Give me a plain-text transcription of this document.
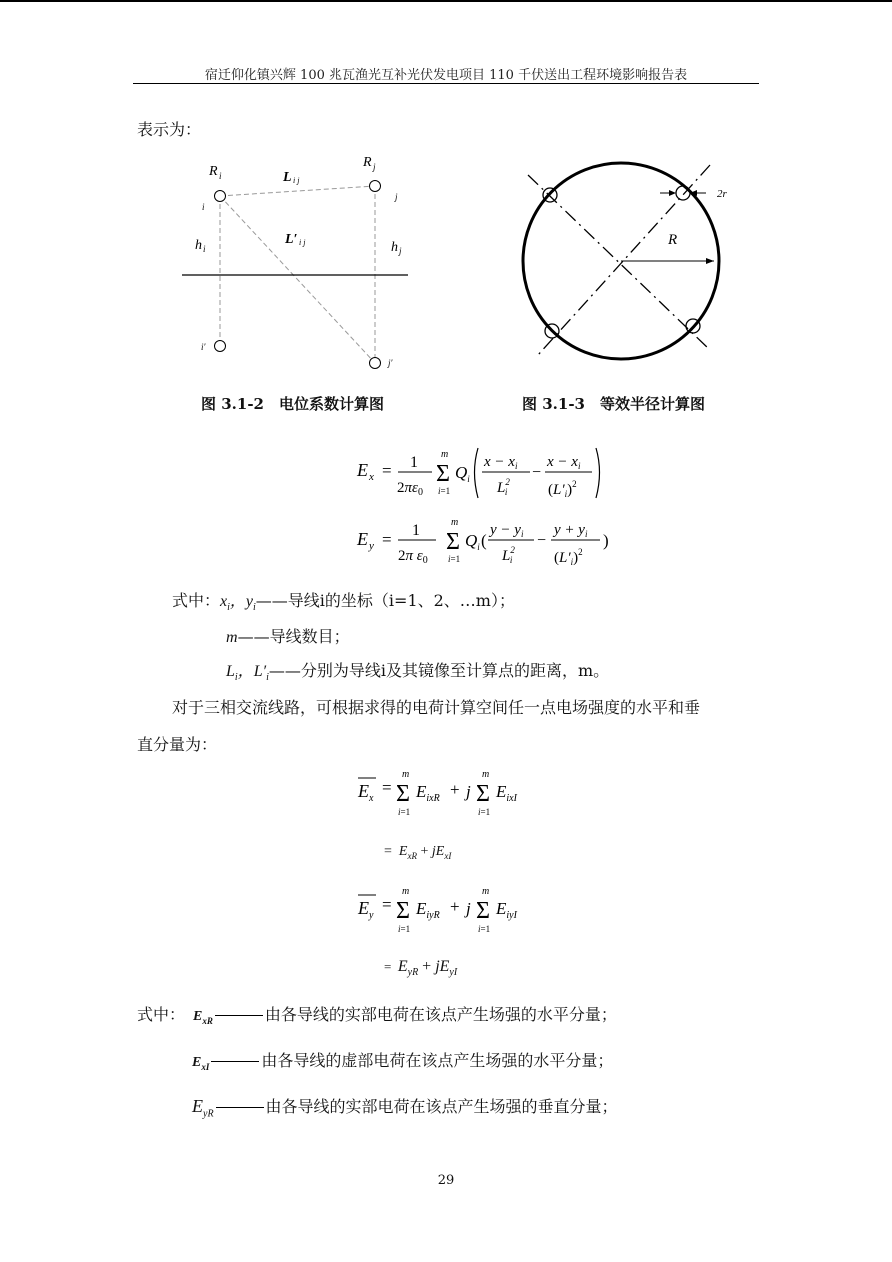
宿迁仰化镇兴辉 100 兆瓦渔光互补光伏发电项目 110 千伏送出工程环境影响报告表
表示为：
R i
R j
L i j
L′ i j
h i	h j
i
j
i′
j′
2r
R
图 3.1-2　电位系数计算图	图 3.1-3　等效半径计算图
E x = 1
$2\pi\varepsilon_0$
m
Σ
i=1
$Q_i$
$x - x_i$
$L^2$ i
−
$x - x_i$
$(L'_i)^2$
E y = 1
2π $\varepsilon_0$
m
Σ
i=1
$Q_i$ (
$y - y_i$
$L^2$ i
−
$y + y_i$
$(L'_i)^2$
)
式中：$x_i$，$y_i——$导线i的坐标（i=1、2、…m）；
m——导线数目；
$L_i$，$L'_i——$分别为导线i及其镜像至计算点的距离，m。
对于三相交流线路，可根据求得的电荷计算空间任一点电场强度的水平和垂
直分量为：
$E_x$
=
m
Σ
i=1
$E_{ixR} + j$
m
Σ
i=1
$E_{ixI}$
=  $E_{xR} + jE_{xI}$
$E_y$
=
m
Σ
i=1
$E_{iyR} + j$
m
Σ
i=1
$E_{iyI}$
=  $E_{yR} + jE_{yI}$
式中： $E_{xR}$	由各导线的实部电荷在该点产生场强的水平分量；
$E_{xI}$	由各导线的虚部电荷在该点产生场强的水平分量；
$E_{yR}$	由各导线的实部电荷在该点产生场强的垂直分量；
29
